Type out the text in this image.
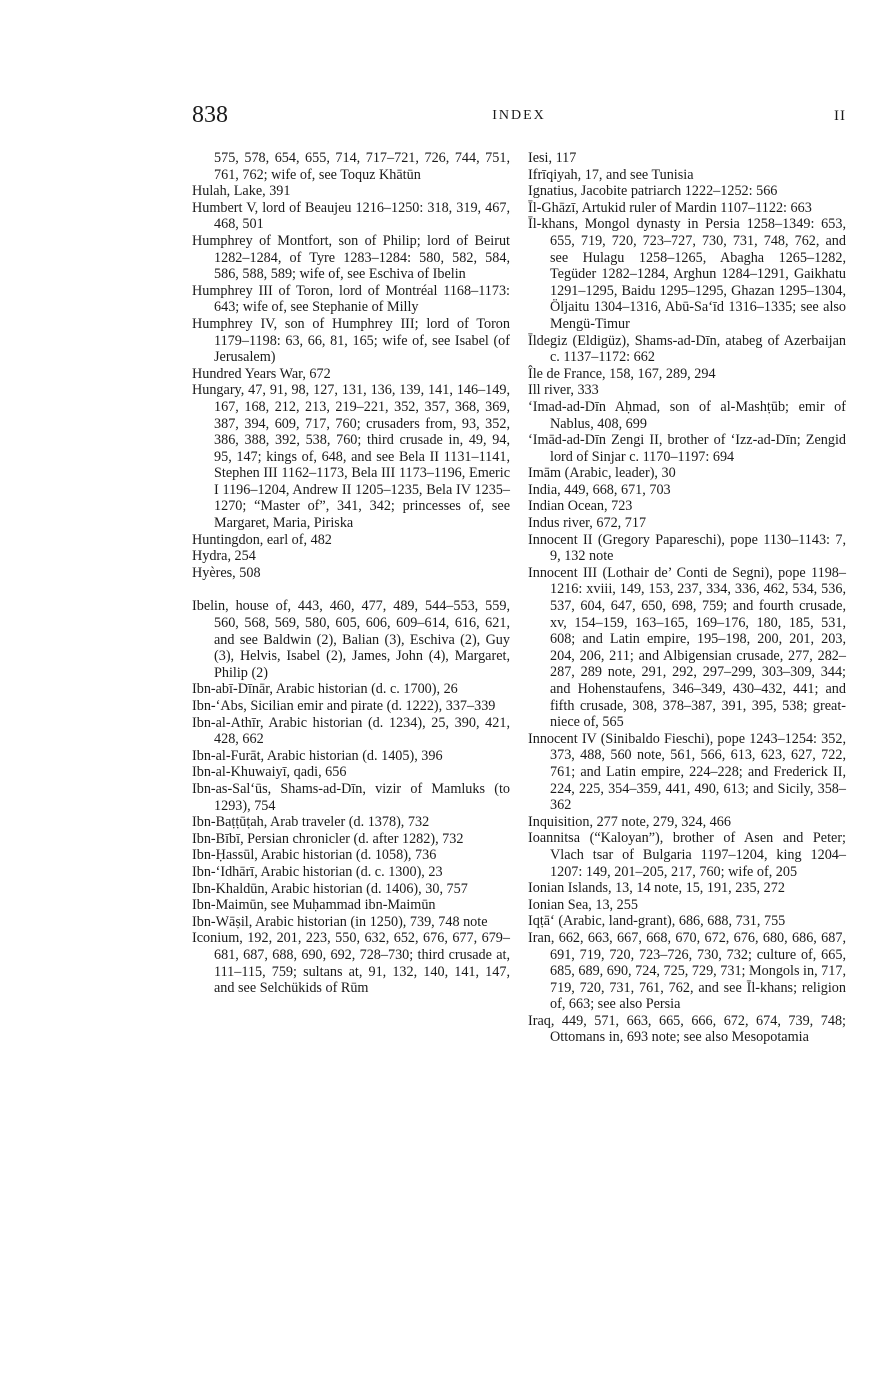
838	INDEX	II

575, 578, 654, 655, 714, 717–721, 726, 744, 751, 761, 762; wife of, see Toquz Khātūn

Hulah, Lake, 391

Humbert V, lord of Beaujeu 1216–1250: 318, 319, 467, 468, 501

Humphrey of Montfort, son of Philip; lord of Beirut 1282–1284, of Tyre 1283–1284: 580, 582, 584, 586, 588, 589; wife of, see Eschiva of Ibelin

Humphrey III of Toron, lord of Montréal 1168–1173: 643; wife of, see Stephanie of Milly

Humphrey IV, son of Humphrey III; lord of Toron 1179–1198: 63, 66, 81, 165; wife of, see Isabel (of Jerusalem)

Hundred Years War, 672

Hungary, 47, 91, 98, 127, 131, 136, 139, 141, 146–149, 167, 168, 212, 213, 219–221, 352, 357, 368, 369, 387, 394, 609, 717, 760; crusaders from, 93, 352, 386, 388, 392, 538, 760; third crusade in, 49, 94, 95, 147; kings of, 648, and see Bela II 1131–1141, Stephen III 1162–1173, Bela III 1173–1196, Emeric I 1196–1204, Andrew II 1205–1235, Bela IV 1235–1270; “Master of”, 341, 342; princesses of, see Margaret, Maria, Piriska

Huntingdon, earl of, 482

Hydra, 254

Hyères, 508

Ibelin, house of, 443, 460, 477, 489, 544–553, 559, 560, 568, 569, 580, 605, 606, 609–614, 616, 621, and see Baldwin (2), Balian (3), Eschiva (2), Guy (3), Helvis, Isabel (2), James, John (4), Margaret, Philip (2)

Ibn-abī-Dīnār, Arabic historian (d. c. 1700), 26

Ibn-‘Abs, Sicilian emir and pirate (d. 1222), 337–339

Ibn-al-Athīr, Arabic historian (d. 1234), 25, 390, 421, 428, 662

Ibn-al-Furāt, Arabic historian (d. 1405), 396

Ibn-al-Khuwaiyī, qadi, 656

Ibn-as-Sal‘ūs, Shams-ad-Dīn, vizir of Mamluks (to 1293), 754

Ibn-Baṭṭūṭah, Arab traveler (d. 1378), 732

Ibn-Bībī, Persian chronicler (d. after 1282), 732

Ibn-Ḥassūl, Arabic historian (d. 1058), 736

Ibn-‘Idhārī, Arabic historian (d. c. 1300), 23

Ibn-Khaldūn, Arabic historian (d. 1406), 30, 757

Ibn-Maimūn, see Muḥammad ibn-Maimūn

Ibn-Wāṣil, Arabic historian (in 1250), 739, 748 note

Iconium, 192, 201, 223, 550, 632, 652, 676, 677, 679–681, 687, 688, 690, 692, 728–730; third crusade at, 111–115, 759; sultans at, 91, 132, 140, 141, 147, and see Selchükids of Rūm

Iesi, 117

Ifrīqiyah, 17, and see Tunisia

Ignatius, Jacobite patriarch 1222–1252: 566

Īl-Ghāzī, Artukid ruler of Mardin 1107–1122: 663

Īl-khans, Mongol dynasty in Persia 1258–1349: 653, 655, 719, 720, 723–727, 730, 731, 748, 762, and see Hulagu 1258–1265, Abagha 1265–1282, Tegüder 1282–1284, Arghun 1284–1291, Gaikhatu 1291–1295, Baidu 1295–1295, Ghazan 1295–1304, Öljaitu 1304–1316, Abū-Sa‘īd 1316–1335; see also Mengü-Timur

Īldegiz (Eldigüz), Shams-ad-Dīn, atabeg of Azerbaijan c. 1137–1172: 662

Île de France, 158, 167, 289, 294

Ill river, 333

‘Imad-ad-Dīn Aḥmad, son of al-Mashṭūb; emir of Nablus, 408, 699

‘Imād-ad-Dīn Zengi II, brother of ‘Izz-ad-Dīn; Zengid lord of Sinjar c. 1170–1197: 694

Imām (Arabic, leader), 30

India, 449, 668, 671, 703

Indian Ocean, 723

Indus river, 672, 717

Innocent II (Gregory Papareschi), pope 1130–1143: 7, 9, 132 note

Innocent III (Lothair de’ Conti de Segni), pope 1198–1216: xviii, 149, 153, 237, 334, 336, 462, 534, 536, 537, 604, 647, 650, 698, 759; and fourth crusade, xv, 154–159, 163–165, 169–176, 180, 185, 531, 608; and Latin empire, 195–198, 200, 201, 203, 204, 206, 211; and Albigensian crusade, 277, 282–287, 289 note, 291, 292, 297–299, 303–309, 344; and Hohenstaufens, 346–349, 430–432, 441; and fifth crusade, 308, 378–387, 391, 395, 538; great-niece of, 565

Innocent IV (Sinibaldo Fieschi), pope 1243–1254: 352, 373, 488, 560 note, 561, 566, 613, 623, 627, 722, 761; and Latin empire, 224–228; and Frederick II, 224, 225, 354–359, 441, 490, 613; and Sicily, 358–362

Inquisition, 277 note, 279, 324, 466

Ioannitsa (“Kaloyan”), brother of Asen and Peter; Vlach tsar of Bulgaria 1197–1204, king 1204–1207: 149, 201–205, 217, 760; wife of, 205

Ionian Islands, 13, 14 note, 15, 191, 235, 272

Ionian Sea, 13, 255

Iqṭā‘ (Arabic, land-grant), 686, 688, 731, 755

Iran, 662, 663, 667, 668, 670, 672, 676, 680, 686, 687, 691, 719, 720, 723–726, 730, 732; culture of, 665, 685, 689, 690, 724, 725, 729, 731; Mongols in, 717, 719, 720, 731, 761, 762, and see Īl-khans; religion of, 663; see also Persia

Iraq, 449, 571, 663, 665, 666, 672, 674, 739, 748; Ottomans in, 693 note; see also Mesopotamia
